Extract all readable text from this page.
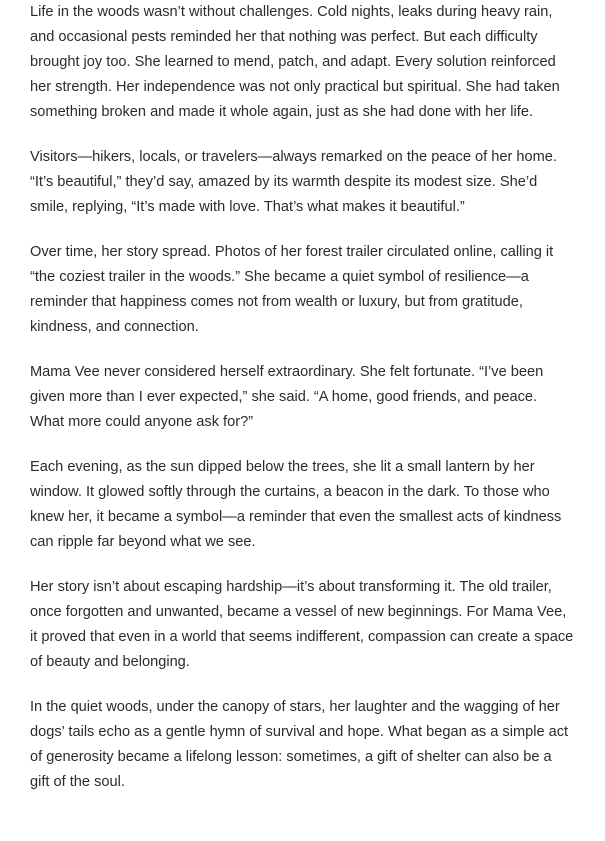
Life in the woods wasn’t without challenges. Cold nights, leaks during heavy rain, and occasional pests reminded her that nothing was perfect. But each difficulty brought joy too. She learned to mend, patch, and adapt. Every solution reinforced her strength. Her independence was not only practical but spiritual. She had taken something broken and made it whole again, just as she had done with her life.

Visitors—hikers, locals, or travelers—always remarked on the peace of her home. “It’s beautiful,” they’d say, amazed by its warmth despite its modest size. She’d smile, replying, “It’s made with love. That’s what makes it beautiful.”

Over time, her story spread. Photos of her forest trailer circulated online, calling it “the coziest trailer in the woods.” She became a quiet symbol of resilience—a reminder that happiness comes not from wealth or luxury, but from gratitude, kindness, and connection.

Mama Vee never considered herself extraordinary. She felt fortunate. “I’ve been given more than I ever expected,” she said. “A home, good friends, and peace. What more could anyone ask for?”

Each evening, as the sun dipped below the trees, she lit a small lantern by her window. It glowed softly through the curtains, a beacon in the dark. To those who knew her, it became a symbol—a reminder that even the smallest acts of kindness can ripple far beyond what we see.

Her story isn’t about escaping hardship—it’s about transforming it. The old trailer, once forgotten and unwanted, became a vessel of new beginnings. For Mama Vee, it proved that even in a world that seems indifferent, compassion can create a space of beauty and belonging.

In the quiet woods, under the canopy of stars, her laughter and the wagging of her dogs’ tails echo as a gentle hymn of survival and hope. What began as a simple act of generosity became a lifelong lesson: sometimes, a gift of shelter can also be a gift of the soul.
